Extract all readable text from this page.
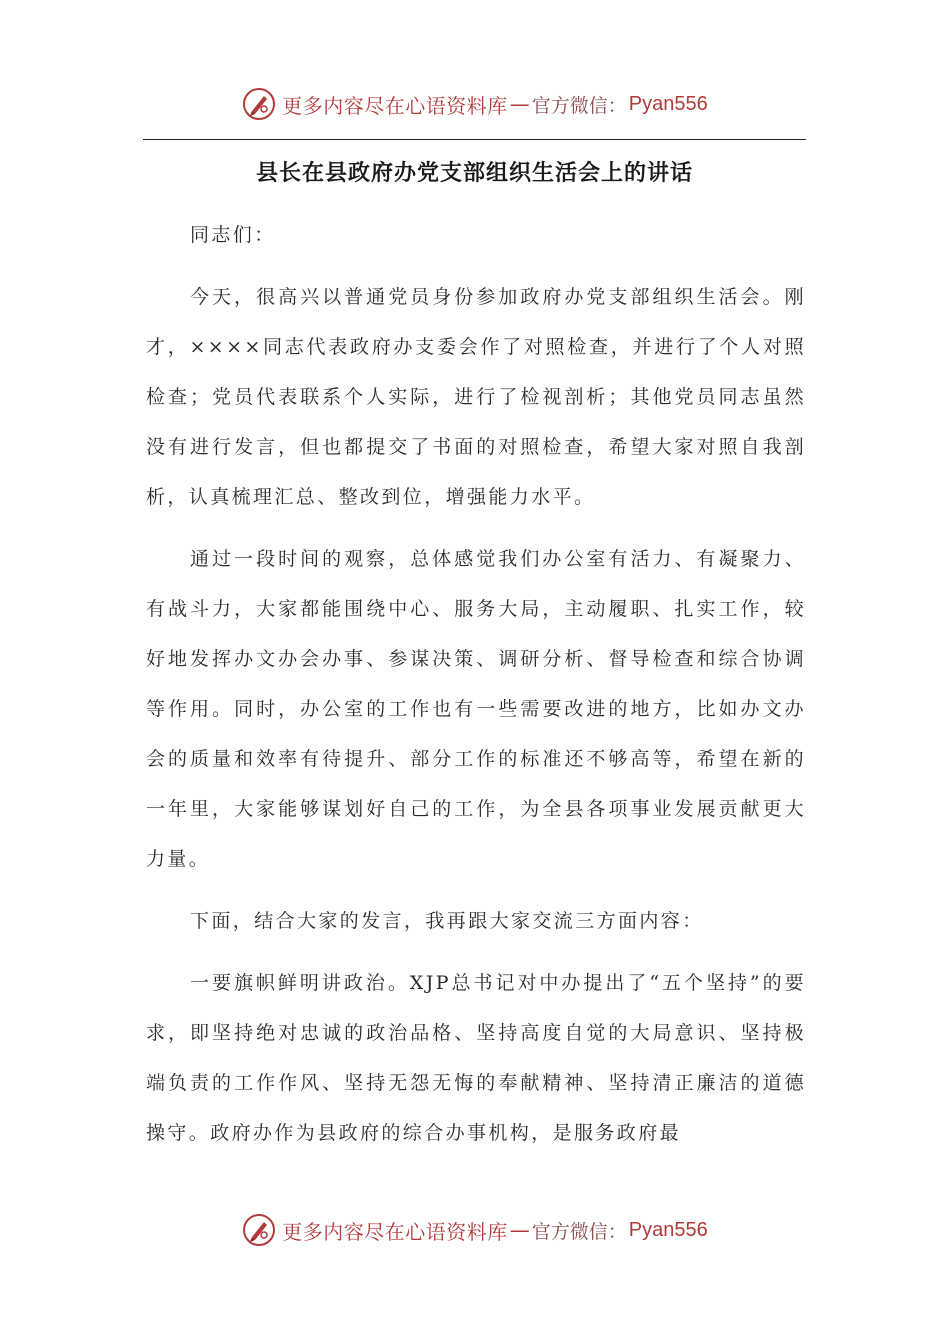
更多内容尽在心语资料库 — 官方微信： Pyan556
县长在县政府办党支部组织生活会上的讲话

同志们：

今天，很高兴以普通党员身份参加政府办党支部组织生活会。刚才，××××同志代表政府办支委会作了对照检查，并进行了个人对照检查；党员代表联系个人实际，进行了检视剖析；其他党员同志虽然没有进行发言，但也都提交了书面的对照检查，希望大家对照自我剖析，认真梳理汇总、整改到位，增强能力水平。

通过一段时间的观察，总体感觉我们办公室有活力、有凝聚力、有战斗力，大家都能围绕中心、服务大局，主动履职、扎实工作，较好地发挥办文办会办事、参谋决策、调研分析、督导检查和综合协调等作用。同时，办公室的工作也有一些需要改进的地方，比如办文办会的质量和效率有待提升、部分工作的标准还不够高等，希望在新的一年里，大家能够谋划好自己的工作，为全县各项事业发展贡献更大力量。

下面，结合大家的发言，我再跟大家交流三方面内容：

一要旗帜鲜明讲政治。XJP总书记对中办提出了“五个坚持”的要求，即坚持绝对忠诚的政治品格、坚持高度自觉的大局意识、坚持极端负责的工作作风、坚持无怨无悔的奉献精神、坚持清正廉洁的道德操守。政府办作为县政府的综合办事机构，是服务政府最

更多内容尽在心语资料库 — 官方微信： Pyan556
